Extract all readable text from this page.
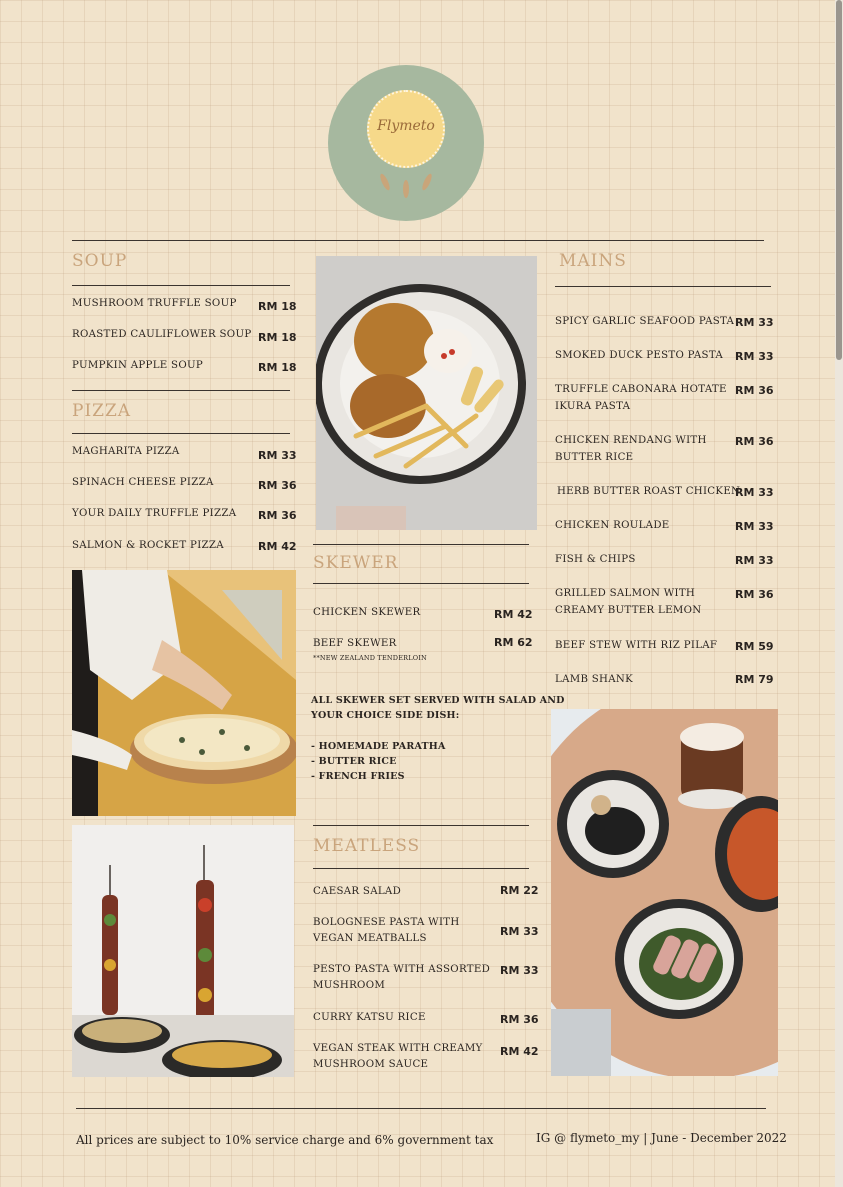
Flymeto
SOUP
MUSHROOM TRUFFLE SOUP RM 18
ROASTED CAULIFLOWER SOUP RM 18
PUMPKIN APPLE SOUP	RM 18
PIZZA
MAGHARITA PIZZA	RM 33
SPINACH CHEESE PIZZA	RM 36
YOUR DAILY TRUFFLE PIZZA RM 36
SALMON & ROCKET PIZZA	RM 42
SKEWER
CHICKEN SKEWER	RM 42
BEEF SKEWER	RM 62
**NEW ZEALAND TENDERLOIN
ALL SKEWER SET SERVED WITH SALAD AND
YOUR CHOICE SIDE DISH:
- HOMEMADE PARATHA
- BUTTER RICE
- FRENCH FRIES
MEATLESS
CAESAR SALAD	RM 22
BOLOGNESE PASTA WITH
VEGAN MEATBALLS
RM 33
PESTO PASTA WITH ASSORTED
MUSHROOM
RM 33
CURRY KATSU RICE	RM 36
VEGAN STEAK WITH CREAMY
MUSHROOM SAUCE
RM 42
MAINS
SPICY GARLIC SEAFOOD PASTA RM 33
SMOKED DUCK PESTO PASTA RM 33
TRUFFLE CABONARA HOTATE
IKURA PASTA
RM 36
CHICKEN RENDANG WITH
BUTTER RICE
RM 36
HERB BUTTER ROAST CHICKEN
RM 33
CHICKEN ROULADE	RM 33
FISH & CHIPS	RM 33
GRILLED SALMON WITH
CREAMY BUTTER LEMON
RM 36
BEEF STEW WITH RIZ PILAF RM 59
LAMB SHANK	RM 79
All prices are subject to 10% service charge and 6% government tax	IG @ flymeto_my | June - December 2022
